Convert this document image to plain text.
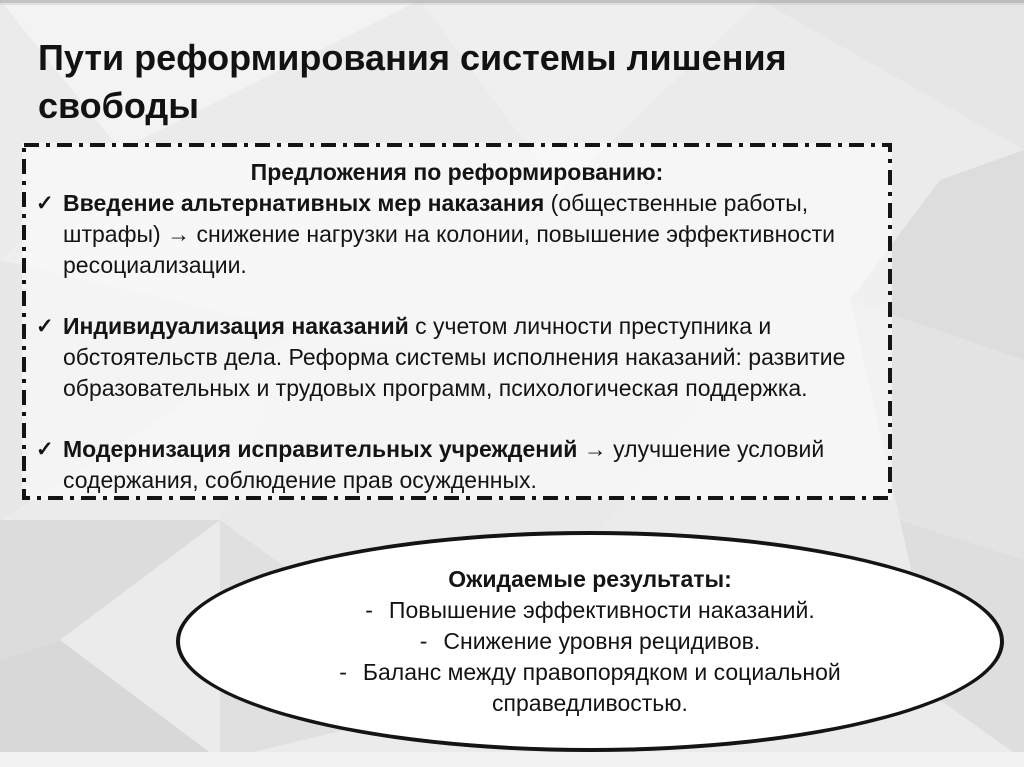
Пути реформирования системы лишения свободы
Предложения по реформированию:
✓ Введение альтернативных мер наказания (общественные работы, штрафы) → снижение нагрузки на колонии, повышение эффективности ресоциализации.
✓ Индивидуализация наказаний с учетом личности преступника и обстоятельств дела. Реформа системы исполнения наказаний: развитие образовательных и трудовых программ, психологическая поддержка.
✓ Модернизация исправительных учреждений → улучшение условий содержания, соблюдение прав осужденных.
Ожидаемые результаты:
- Повышение эффективности наказаний.
- Снижение уровня рецидивов.
- Баланс между правопорядком и социальной справедливостью.
